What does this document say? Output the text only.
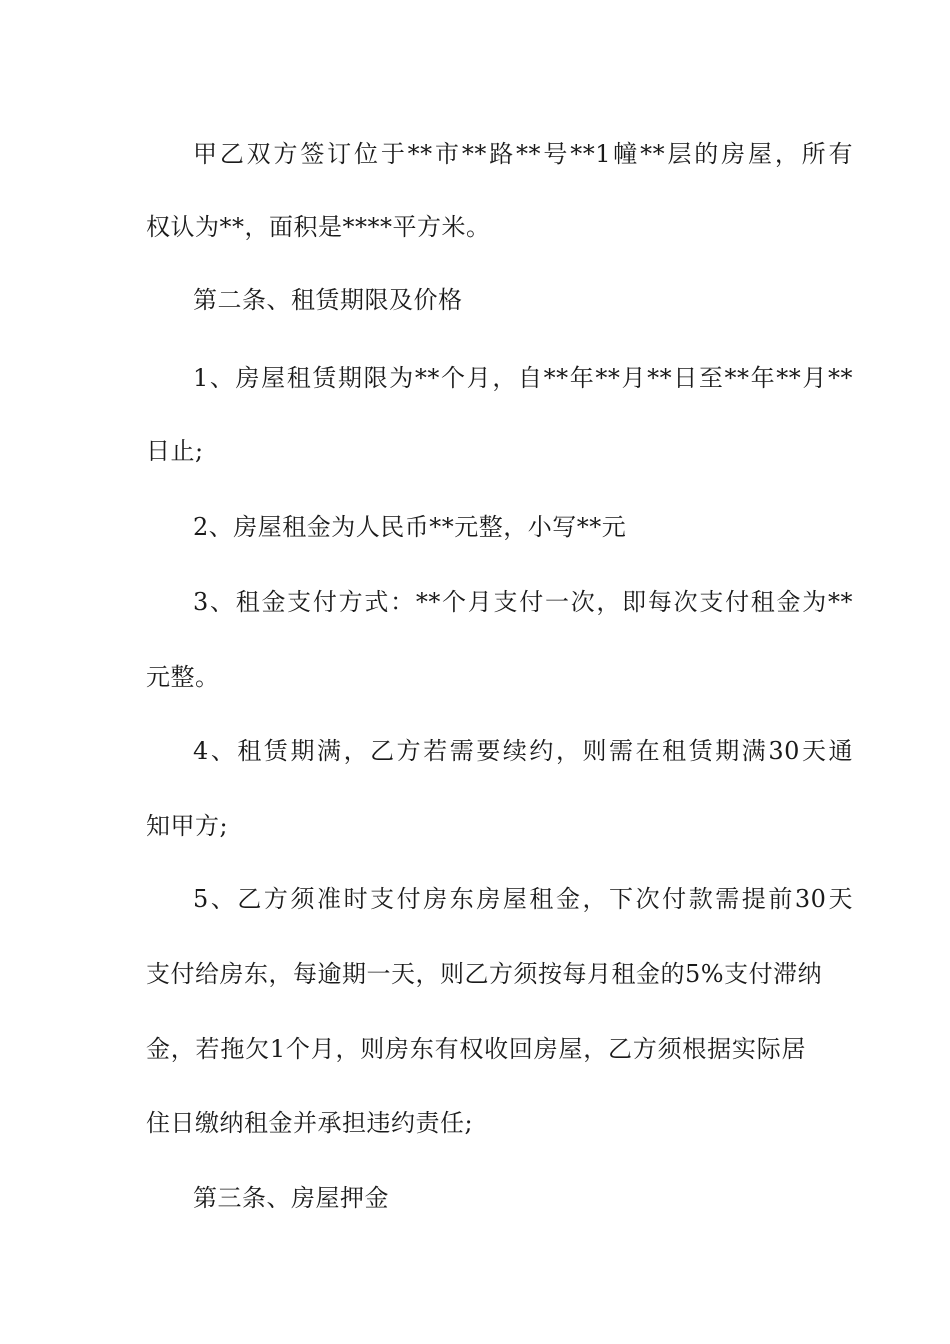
甲乙双方签订位于**市**路**号**1幢**层的房屋，所有
权认为**，面积是****平方米。
第二条、租赁期限及价格
1、房屋租赁期限为**个月，自**年**月**日至**年**月**
日止;
2、房屋租金为人民币**元整，小写**元
3、租金支付方式：**个月支付一次，即每次支付租金为**
元整。
4、租赁期满，乙方若需要续约，则需在租赁期满30天通
知甲方;
5、乙方须准时支付房东房屋租金，下次付款需提前30天
支付给房东，每逾期一天，则乙方须按每月租金的5%支付滞纳
金，若拖欠1个月，则房东有权收回房屋，乙方须根据实际居
住日缴纳租金并承担违约责任;
第三条、房屋押金
